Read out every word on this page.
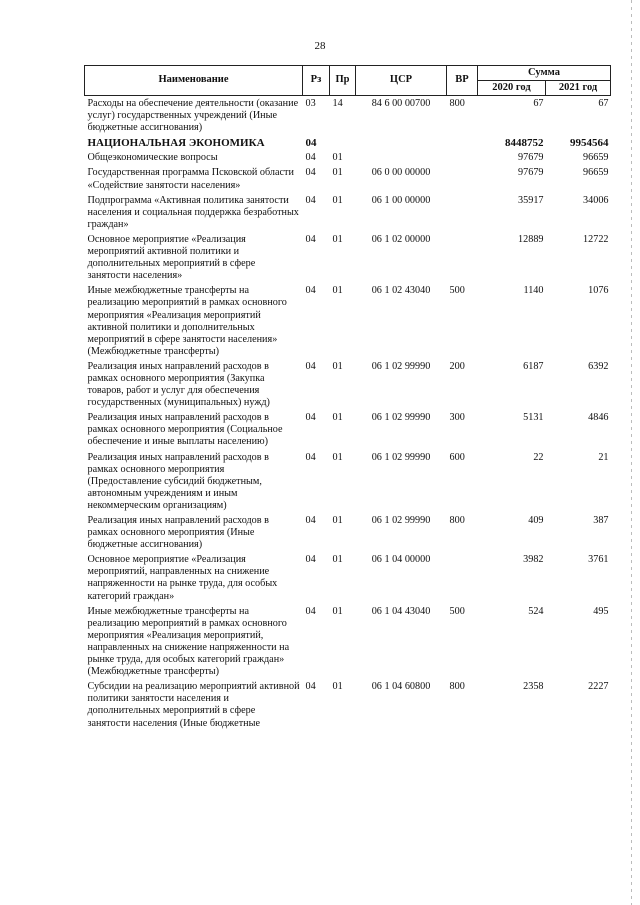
28
Наименование	Рз	Пр	ЦСР	ВР	Сумма	
					2020 год	2021 год
Расходы на обеспечение деятельности (оказание услуг) государственных учреждений (Иные бюджетные ассигнования)	03	14	84 6 00 00700	800	67	67
НАЦИОНАЛЬНАЯ ЭКОНОМИКА	04				8448752	9954564
Общеэкономические вопросы	04	01			97679	96659
Государственная программа Псковской области «Содействие занятости населения»	04	01	06 0 00 00000		97679	96659
Подпрограмма «Активная политика занятости населения и социальная поддержка безработных граждан»	04	01	06 1 00 00000		35917	34006
Основное мероприятие «Реализация мероприятий активной политики и дополнительных мероприятий в сфере занятости населения»	04	01	06 1 02 00000		12889	12722
Иные межбюджетные трансферты на реализацию мероприятий в рамках основного мероприятия «Реализация мероприятий активной политики и дополнительных мероприятий в сфере занятости населения» (Межбюджетные трансферты)	04	01	06 1 02 43040	500	1140	1076
Реализация иных направлений расходов в рамках основного мероприятия (Закупка товаров, работ и услуг для обеспечения государственных (муниципальных) нужд)	04	01	06 1 02 99990	200	6187	6392
Реализация иных направлений расходов в рамках основного мероприятия (Социальное обеспечение и иные выплаты населению)	04	01	06 1 02 99990	300	5131	4846
Реализация иных направлений расходов в рамках основного мероприятия (Предоставление субсидий бюджетным, автономным учреждениям и иным некоммерческим организациям)	04	01	06 1 02 99990	600	22	21
Реализация иных направлений расходов в рамках основного мероприятия (Иные бюджетные ассигнования)	04	01	06 1 02 99990	800	409	387
Основное мероприятие «Реализация мероприятий, направленных на снижение напряженности на рынке труда, для особых категорий граждан»	04	01	06 1 04 00000		3982	3761
Иные межбюджетные трансферты на реализацию мероприятий в рамках основного мероприятия «Реализация мероприятий, направленных на снижение напряженности на рынке труда, для особых категорий граждан» (Межбюджетные трансферты)	04	01	06 1 04 43040	500	524	495
Субсидии на реализацию мероприятий активной политики занятости населения и дополнительных мероприятий в сфере занятости населения (Иные бюджетные	04	01	06 1 04 60800	800	2358	2227
